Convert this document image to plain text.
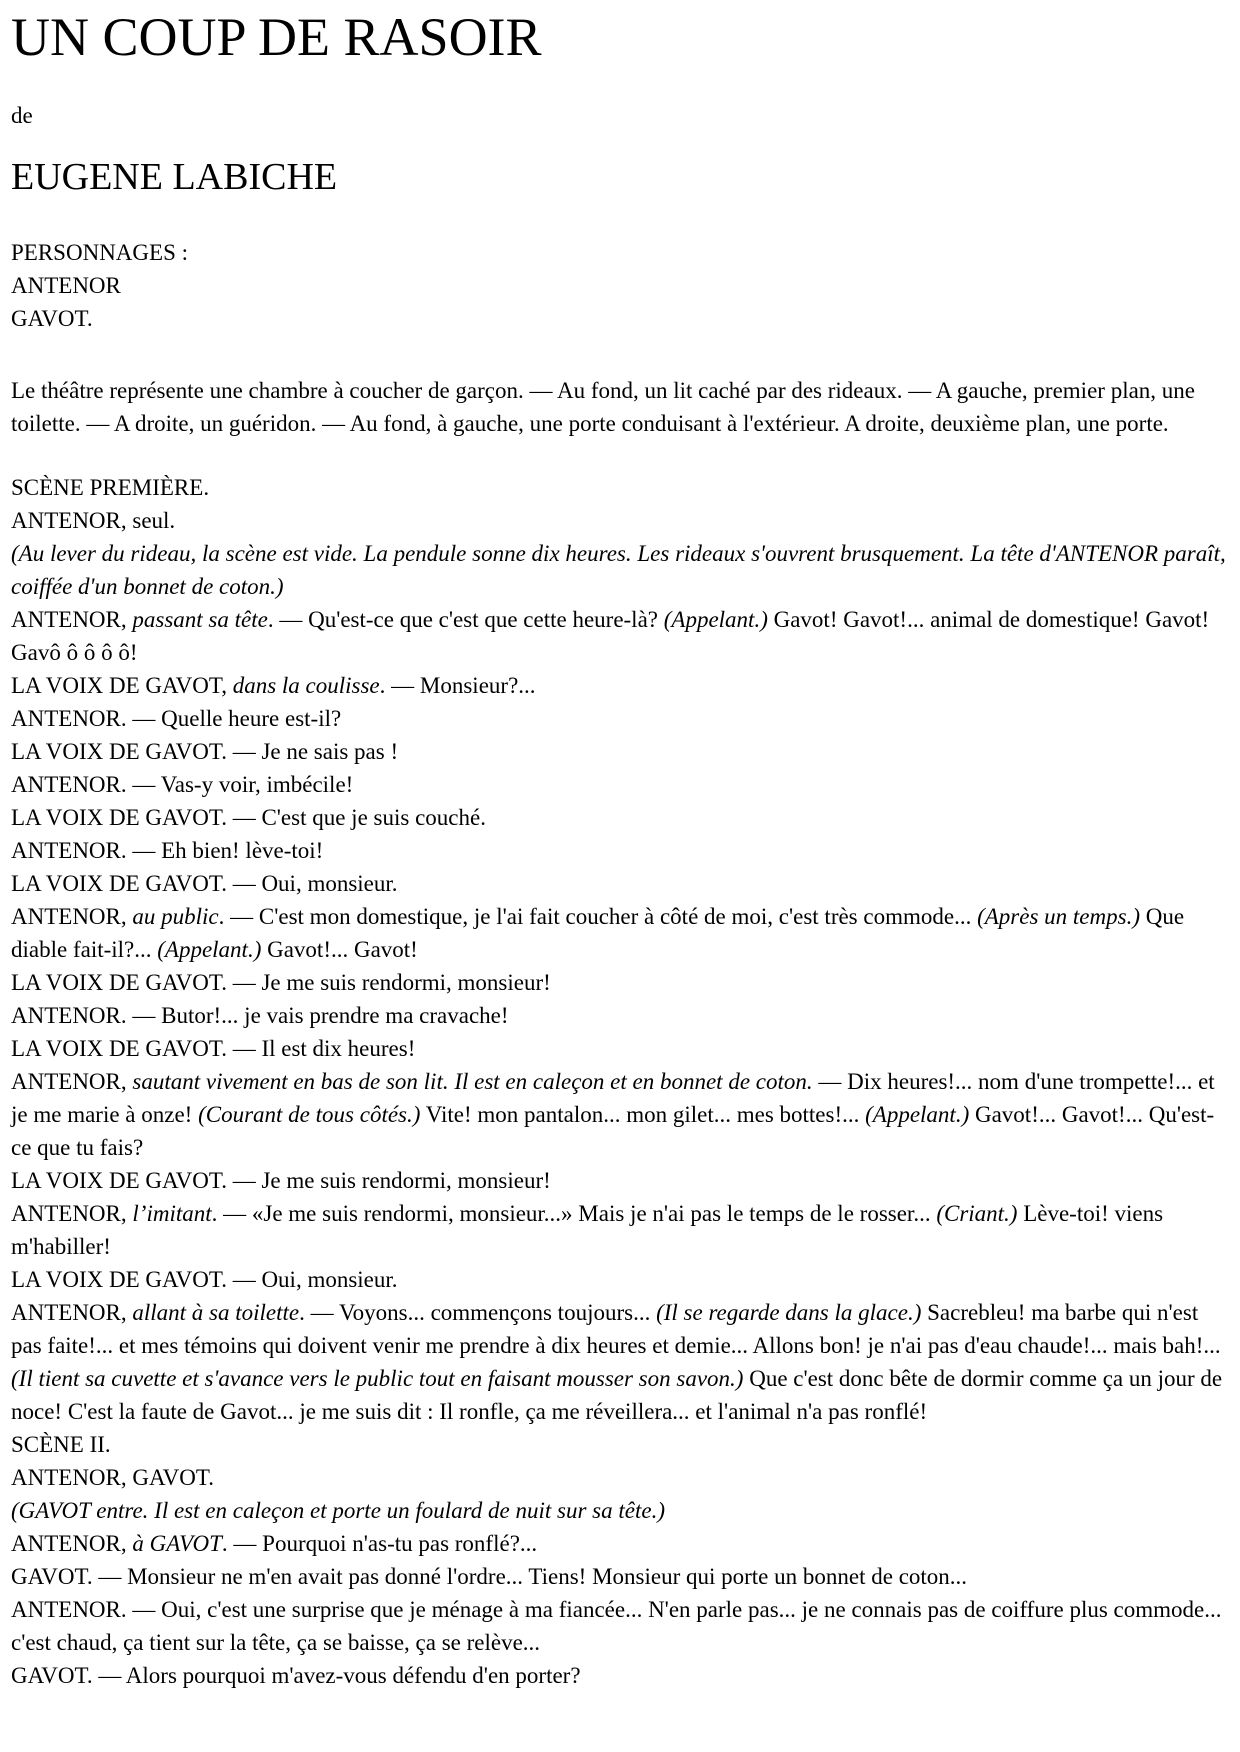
UN COUP DE RASOIR

de

EUGENE LABICHE

PERSONNAGES :
ANTENOR
GAVOT.

Le théâtre représente une chambre à coucher de garçon. — Au fond, un lit caché par des rideaux. — A gauche, premier plan, une toilette. — A droite, un guéridon. — Au fond, à gauche, une porte conduisant à l'extérieur. A droite, deuxième plan, une porte.

SCÈNE PREMIÈRE.
ANTENOR, seul.
(Au lever du rideau, la scène est vide. La pendule sonne dix heures. Les rideaux s'ouvrent brusquement. La tête d'ANTENOR paraît, coiffée d'un bonnet de coton.)
ANTENOR, passant sa tête. — Qu'est-ce que c'est que cette heure-là? (Appelant.) Gavot! Gavot!... animal de domestique! Gavot! Gavô ô ô ô ô!
LA VOIX DE GAVOT, dans la coulisse. — Monsieur?...
ANTENOR. — Quelle heure est-il?
LA VOIX DE GAVOT. — Je ne sais pas !
ANTENOR. — Vas-y voir, imbécile!
LA VOIX DE GAVOT. — C'est que je suis couché.
ANTENOR. — Eh bien! lève-toi!
LA VOIX DE GAVOT. — Oui, monsieur.
ANTENOR, au public. — C'est mon domestique, je l'ai fait coucher à côté de moi, c'est très commode... (Après un temps.) Que diable fait-il?... (Appelant.) Gavot!... Gavot!
LA VOIX DE GAVOT. — Je me suis rendormi, monsieur!
ANTENOR. — Butor!... je vais prendre ma cravache!
LA VOIX DE GAVOT. — Il est dix heures!
ANTENOR, sautant vivement en bas de son lit. Il est en caleçon et en bonnet de coton. — Dix heures!... nom d'une trompette!... et je me marie à onze! (Courant de tous côtés.) Vite! mon pantalon... mon gilet... mes bottes!... (Appelant.) Gavot!... Gavot!... Qu'est-ce que tu fais?
LA VOIX DE GAVOT. — Je me suis rendormi, monsieur!
ANTENOR, l’imitant. — «Je me suis rendormi, monsieur...» Mais je n'ai pas le temps de le rosser... (Criant.) Lève-toi! viens m'habiller!
LA VOIX DE GAVOT. — Oui, monsieur.
ANTENOR, allant à sa toilette. — Voyons... commençons toujours... (Il se regarde dans la glace.) Sacrebleu! ma barbe qui n'est pas faite!... et mes témoins qui doivent venir me prendre à dix heures et demie... Allons bon! je n'ai pas d'eau chaude!... mais bah!... (Il tient sa cuvette et s'avance vers le public tout en faisant mousser son savon.) Que c'est donc bête de dormir comme ça un jour de noce! C'est la faute de Gavot... je me suis dit : Il ronfle, ça me réveillera... et l'animal n'a pas ronflé!
SCÈNE II.
ANTENOR, GAVOT.
(GAVOT entre. Il est en caleçon et porte un foulard de nuit sur sa tête.)
ANTENOR, à GAVOT. — Pourquoi n'as-tu pas ronflé?...
GAVOT. — Monsieur ne m'en avait pas donné l'ordre... Tiens! Monsieur qui porte un bonnet de coton...
ANTENOR. — Oui, c'est une surprise que je ménage à ma fiancée... N'en parle pas... je ne connais pas de coiffure plus commode... c'est chaud, ça tient sur la tête, ça se baisse, ça se relève...
GAVOT. — Alors pourquoi m'avez-vous défendu d'en porter?
